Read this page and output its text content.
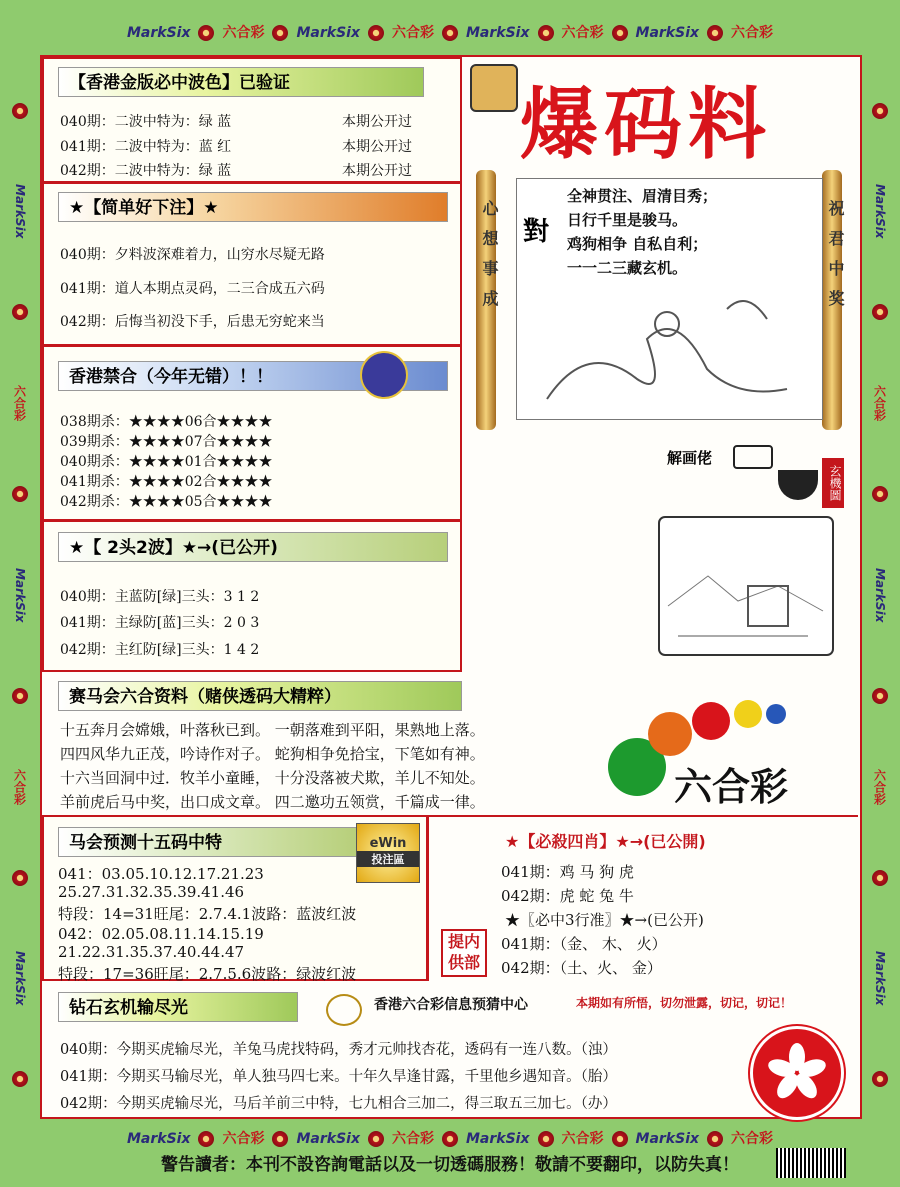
MarkSix 六合彩 MarkSix 六合彩 MarkSix 六合彩 MarkSix 六合彩
MarkSix
六合彩
MarkSix
六合彩
MarkSix
MarkSix
六合彩
MarkSix
六合彩
MarkSix
【香港金版必中波色】已验证
040期：二波中特为：绿 蓝	本期公开过
041期：二波中特为：蓝 红	本期公开过
042期：二波中特为：绿 蓝	本期公开过
★【简单好下注】★
040期：夕料波深难着力，山穷水尽疑无路
041期：道人本期点灵码，二三合成五六码
042期：后悔当初没下手，后患无穷蛇来当
香港禁合（今年无错）！！
038期杀：★★★★06合★★★★
039期杀：★★★★07合★★★★
040期杀：★★★★01合★★★★
041期杀：★★★★02合★★★★
042期杀：★★★★05合★★★★
★【 2头2波】★→(已公开)
040期：主蓝防[绿]三头：3 1 2
041期：主绿防[蓝]三头：2 0 3
042期：主红防[绿]三头：1 4 2
爆码料
心想事成	祝君中奖
對
全神贯注、眉清目秀；
日行千里是骏马。
鸡狗相争 自私自利；
一一二三藏玄机。
解画佬
玄機圖
赛马会六合资料（赌侠透码大精粹）
十五奔月会嫦娥，叶落秋已到。 一朝落难到平阳，果熟地上落。
四四风华九正茂，吟诗作对子。 蛇狗相争免拾宝，下笔如有神。
十六当回洞中过．牧羊小童睡， 十分没落被犬欺，羊儿不知处。
羊前虎后马中奖，出口成文章。 四二邀功五领赏，千篇成一律。	六合彩
马会预测十五码中特	eWin
投注區
041：03.05.10.12.17.21.23
25.27.31.32.35.39.41.46
特段：14=31旺尾：2.7.4.1波路：蓝波红波
042：02.05.08.11.14.15.19
21.22.31.35.37.40.44.47
特段：17=36旺尾：2.7.5.6波路：绿波红波
★【必殺四肖】★→(已公開)
041期：鸡 马 狗 虎
042期：虎 蛇 兔 牛
★〖必中3行准〗★→(已公开)
041期：（金、 木、 火）
042期：（土、火、 金）
提内供部
钻石玄机输尽光	香港六合彩信息预猜中心	本期如有所悟，切勿泄露，切记，切记！
040期：今期买虎输尽光，羊兔马虎找特码，秀才元帅找杏花，透码有一连八数。（浊）
041期：今期买马输尽光，单人独马四七来。十年久旱逢甘露，千里他乡遇知音。（胎）
042期：今期买虎输尽光，马后羊前三中特，七九相合三加二，得三取五三加七。（办）
MarkSix 六合彩 MarkSix 六合彩 MarkSix 六合彩 MarkSix 六合彩
警告讀者：本刊不設咨詢電話以及一切透碼服務！敬請不要翻印，以防失真！
